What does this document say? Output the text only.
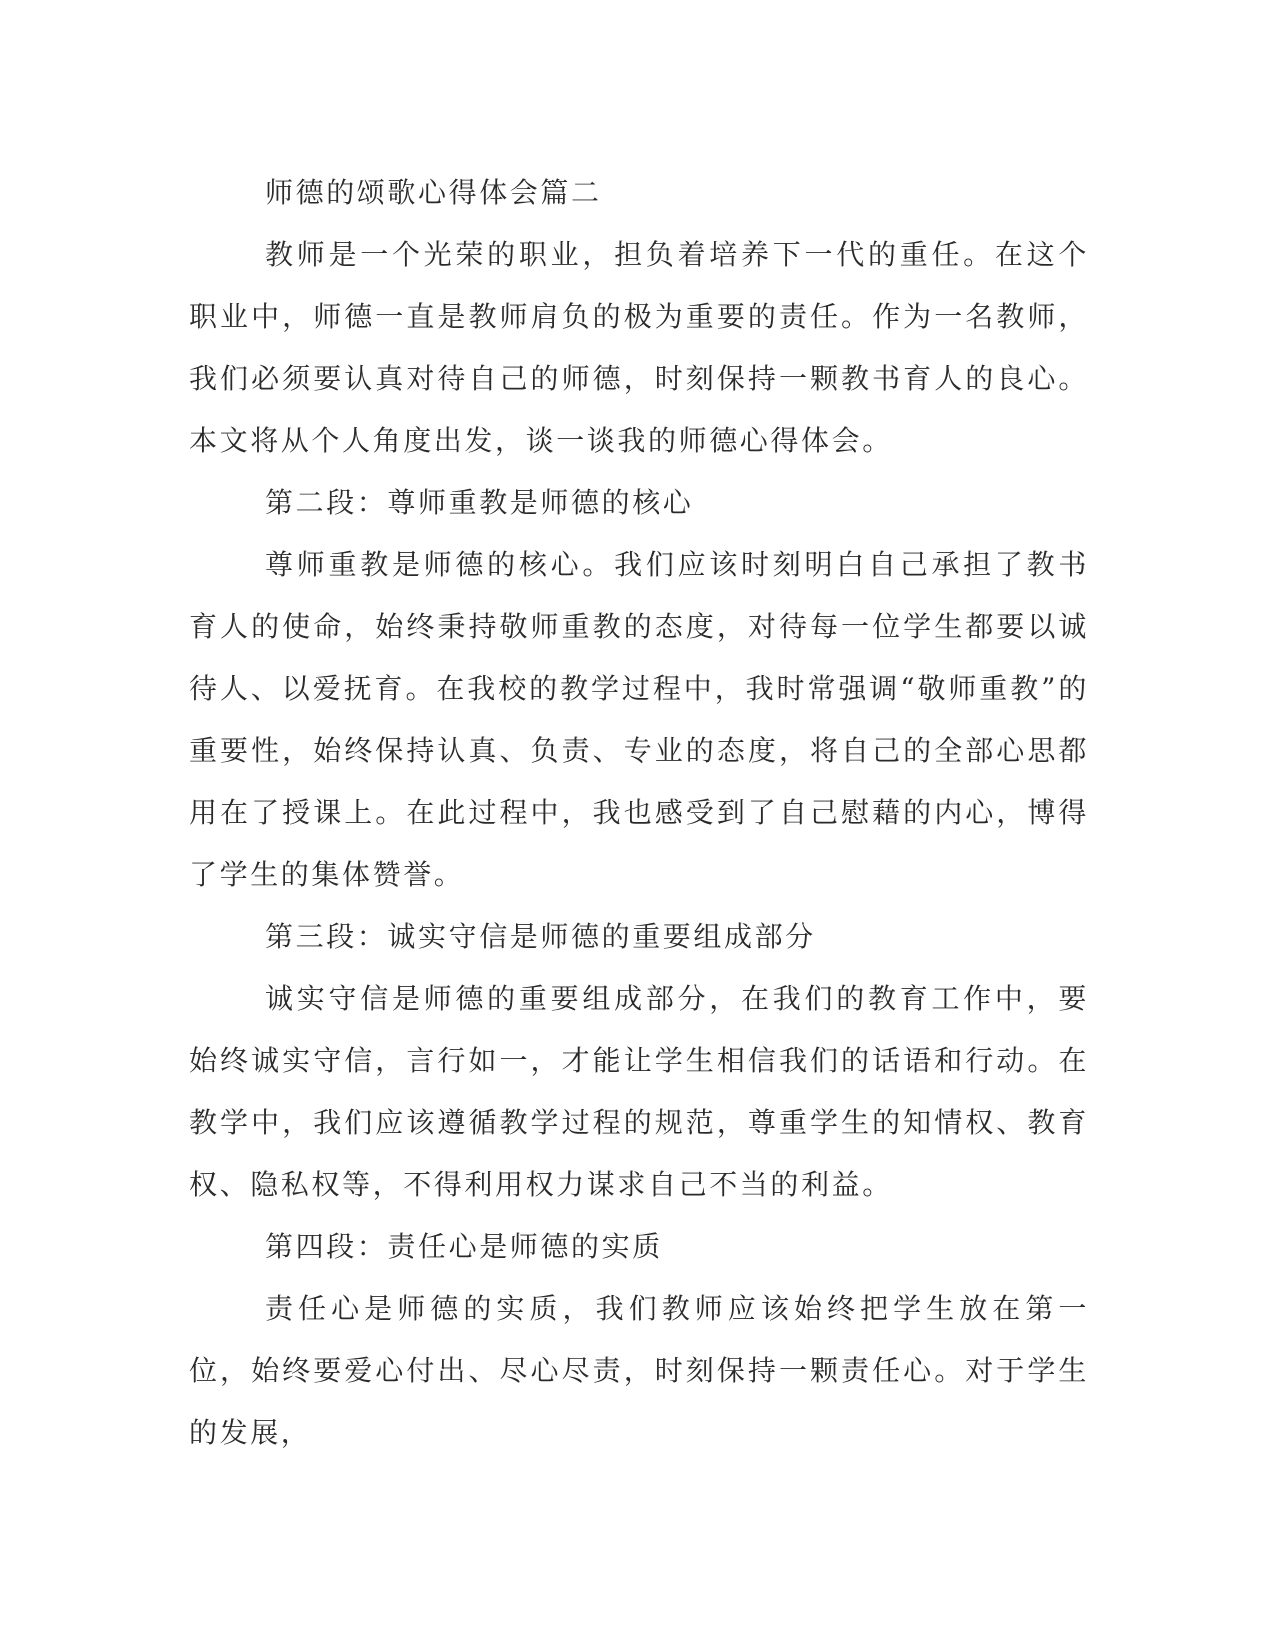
师德的颂歌心得体会篇二

教师是一个光荣的职业，担负着培养下一代的重任。在这个职业中，师德一直是教师肩负的极为重要的责任。作为一名教师，我们必须要认真对待自己的师德，时刻保持一颗教书育人的良心。本文将从个人角度出发，谈一谈我的师德心得体会。

第二段：尊师重教是师德的核心

尊师重教是师德的核心。我们应该时刻明白自己承担了教书育人的使命，始终秉持敬师重教的态度，对待每一位学生都要以诚待人、以爱抚育。在我校的教学过程中，我时常强调“敬师重教”的重要性，始终保持认真、负责、专业的态度，将自己的全部心思都用在了授课上。在此过程中，我也感受到了自己慰藉的内心，博得了学生的集体赞誉。

第三段：诚实守信是师德的重要组成部分

诚实守信是师德的重要组成部分，在我们的教育工作中，要始终诚实守信，言行如一，才能让学生相信我们的话语和行动。在教学中，我们应该遵循教学过程的规范，尊重学生的知情权、教育权、隐私权等，不得利用权力谋求自己不当的利益。

第四段：责任心是师德的实质

责任心是师德的实质，我们教师应该始终把学生放在第一位，始终要爱心付出、尽心尽责，时刻保持一颗责任心。对于学生的发展，
